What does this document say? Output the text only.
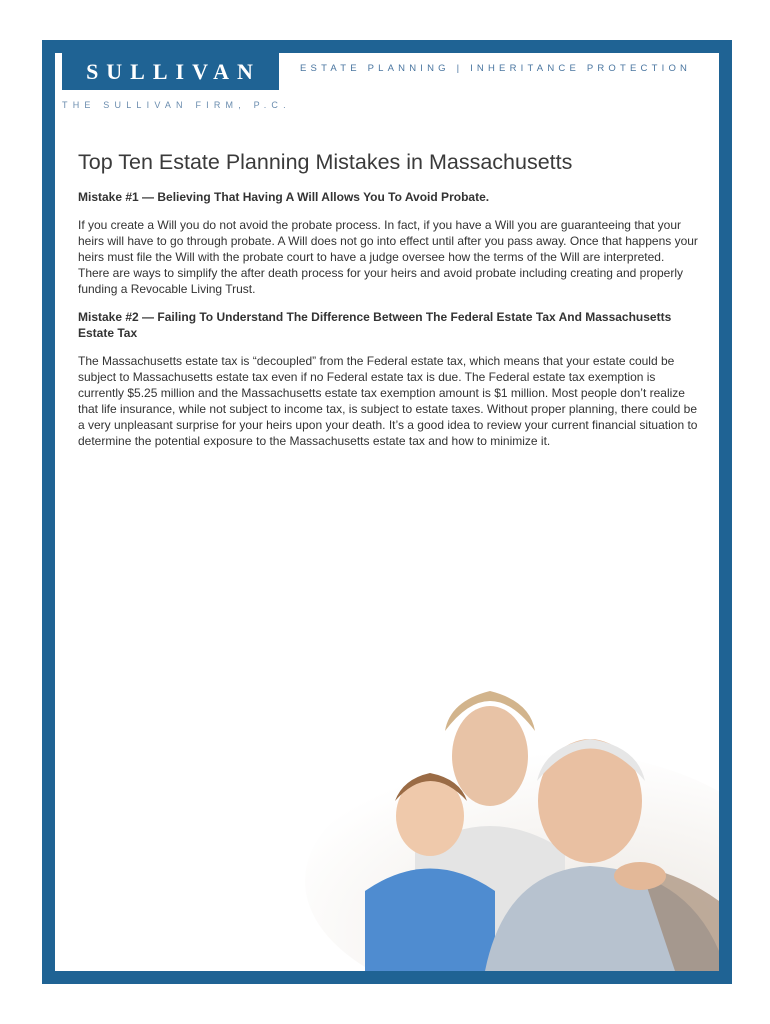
SULLIVAN	ESTATE PLANNING | INHERITANCE PROTECTION
THE SULLIVAN FIRM, P.C.
Top Ten Estate Planning Mistakes in Massachusetts

Mistake #1 — Believing That Having A Will Allows You To Avoid Probate.

If you create a Will you do not avoid the probate process. In fact, if you have a Will you are guaranteeing that your heirs will have to go through probate. A Will does not go into effect until after you pass away. Once that happens your heirs must file the Will with the probate court to have a judge oversee how the terms of the Will are interpreted. There are ways to simplify the after death process for your heirs and avoid probate including creating and properly funding a Revocable Living Trust.

Mistake #2 — Failing To Understand The Difference Between The Federal Estate Tax And Massachusetts Estate Tax

The Massachusetts estate tax is “decoupled” from the Federal estate tax, which means that your estate could be subject to Massachusetts estate tax even if no Federal estate tax is due. The Federal estate tax exemption is currently $5.25 million and the Massachusetts estate tax exemption amount is $1 million. Most people don’t realize that life insurance, while not subject to income tax, is subject to estate taxes. Without proper planning, there could be a very unpleasant surprise for your heirs upon your death. It’s a good idea to review your current financial situation to determine the potential exposure to the Massachusetts estate tax and how to minimize it.
